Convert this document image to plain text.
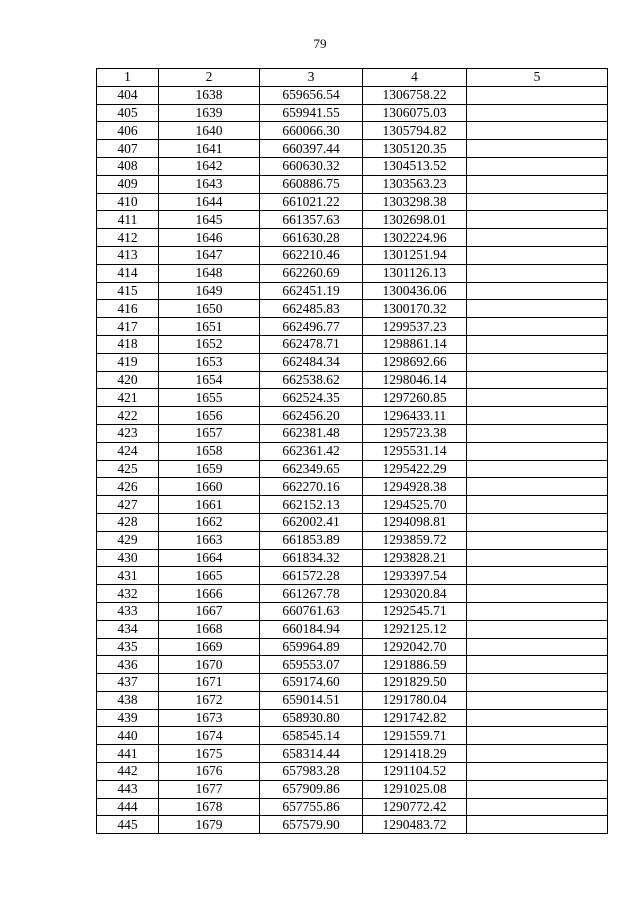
79
1	2	3	4	5
404	1638	659656.54	1306758.22	
405	1639	659941.55	1306075.03	
406	1640	660066.30	1305794.82	
407	1641	660397.44	1305120.35	
408	1642	660630.32	1304513.52	
409	1643	660886.75	1303563.23	
410	1644	661021.22	1303298.38	
411	1645	661357.63	1302698.01	
412	1646	661630.28	1302224.96	
413	1647	662210.46	1301251.94	
414	1648	662260.69	1301126.13	
415	1649	662451.19	1300436.06	
416	1650	662485.83	1300170.32	
417	1651	662496.77	1299537.23	
418	1652	662478.71	1298861.14	
419	1653	662484.34	1298692.66	
420	1654	662538.62	1298046.14	
421	1655	662524.35	1297260.85	
422	1656	662456.20	1296433.11	
423	1657	662381.48	1295723.38	
424	1658	662361.42	1295531.14	
425	1659	662349.65	1295422.29	
426	1660	662270.16	1294928.38	
427	1661	662152.13	1294525.70	
428	1662	662002.41	1294098.81	
429	1663	661853.89	1293859.72	
430	1664	661834.32	1293828.21	
431	1665	661572.28	1293397.54	
432	1666	661267.78	1293020.84	
433	1667	660761.63	1292545.71	
434	1668	660184.94	1292125.12	
435	1669	659964.89	1292042.70	
436	1670	659553.07	1291886.59	
437	1671	659174.60	1291829.50	
438	1672	659014.51	1291780.04	
439	1673	658930.80	1291742.82	
440	1674	658545.14	1291559.71	
441	1675	658314.44	1291418.29	
442	1676	657983.28	1291104.52	
443	1677	657909.86	1291025.08	
444	1678	657755.86	1290772.42	
445	1679	657579.90	1290483.72	
